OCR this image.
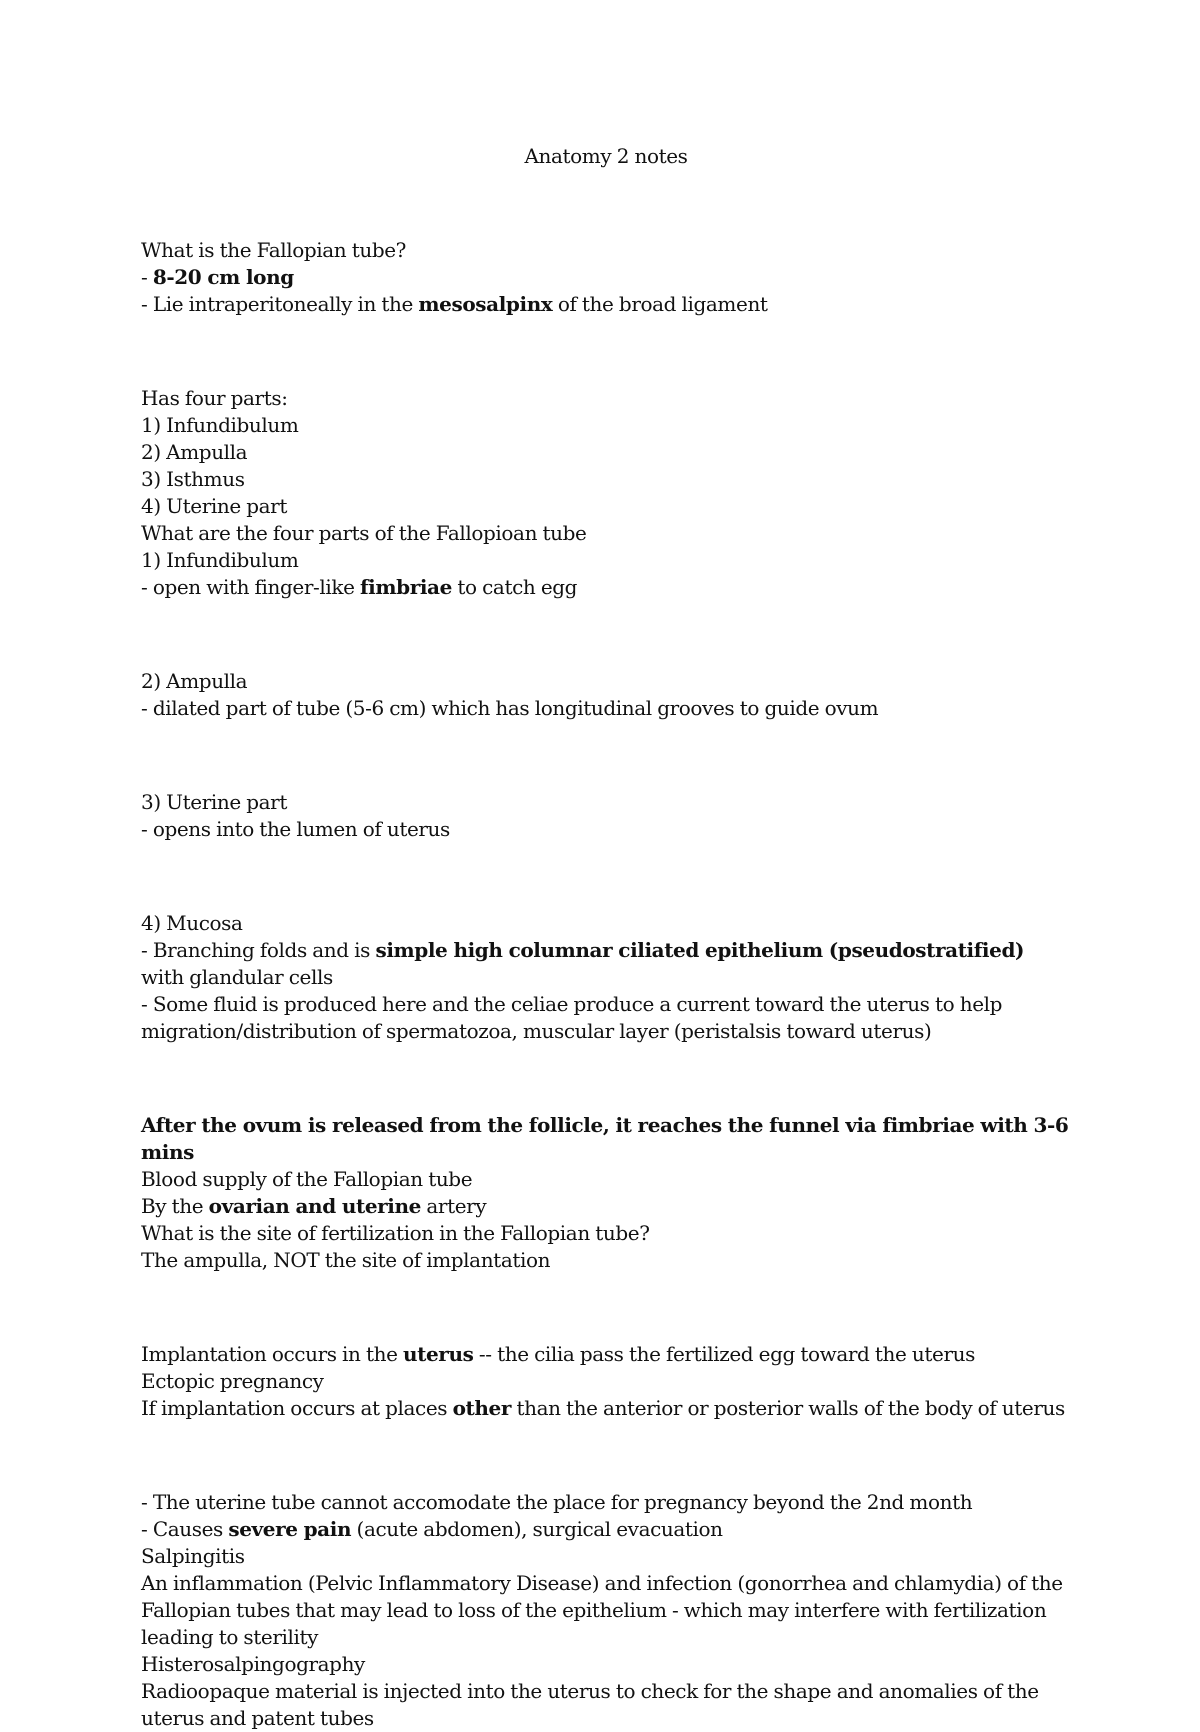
Anatomy 2 notes

What is the Fallopian tube?

- 8-20 cm long

- Lie intraperitoneally in the mesosalpinx of the broad ligament

Has four parts:

1) Infundibulum

2) Ampulla

3) Isthmus

4) Uterine part

What are the four parts of the Fallopioan tube

1) Infundibulum

- open with finger-like fimbriae to catch egg

2) Ampulla

- dilated part of tube (5-6 cm) which has longitudinal grooves to guide ovum

3) Uterine part

- opens into the lumen of uterus

4) Mucosa

- Branching folds and is simple high columnar ciliated epithelium (pseudostratified) with glandular cells

- Some fluid is produced here and the celiae produce a current toward the uterus to help migration/distribution of spermatozoa, muscular layer (peristalsis toward uterus)

After the ovum is released from the follicle, it reaches the funnel via fimbriae with 3-6 mins

Blood supply of the Fallopian tube

By the ovarian and uterine artery

What is the site of fertilization in the Fallopian tube?

The ampulla, NOT the site of implantation

Implantation occurs in the uterus -- the cilia pass the fertilized egg toward the uterus

Ectopic pregnancy

If implantation occurs at places other than the anterior or posterior walls of the body of uterus

- The uterine tube cannot accomodate the place for pregnancy beyond the 2nd month

- Causes severe pain (acute abdomen), surgical evacuation

Salpingitis

An inflammation (Pelvic Inflammatory Disease) and infection (gonorrhea and chlamydia) of the Fallopian tubes that may lead to loss of the epithelium - which may interfere with fertilization leading to sterility

Histerosalpingography

Radioopaque material is injected into the uterus to check for the shape and anomalies of the uterus and patent tubes
